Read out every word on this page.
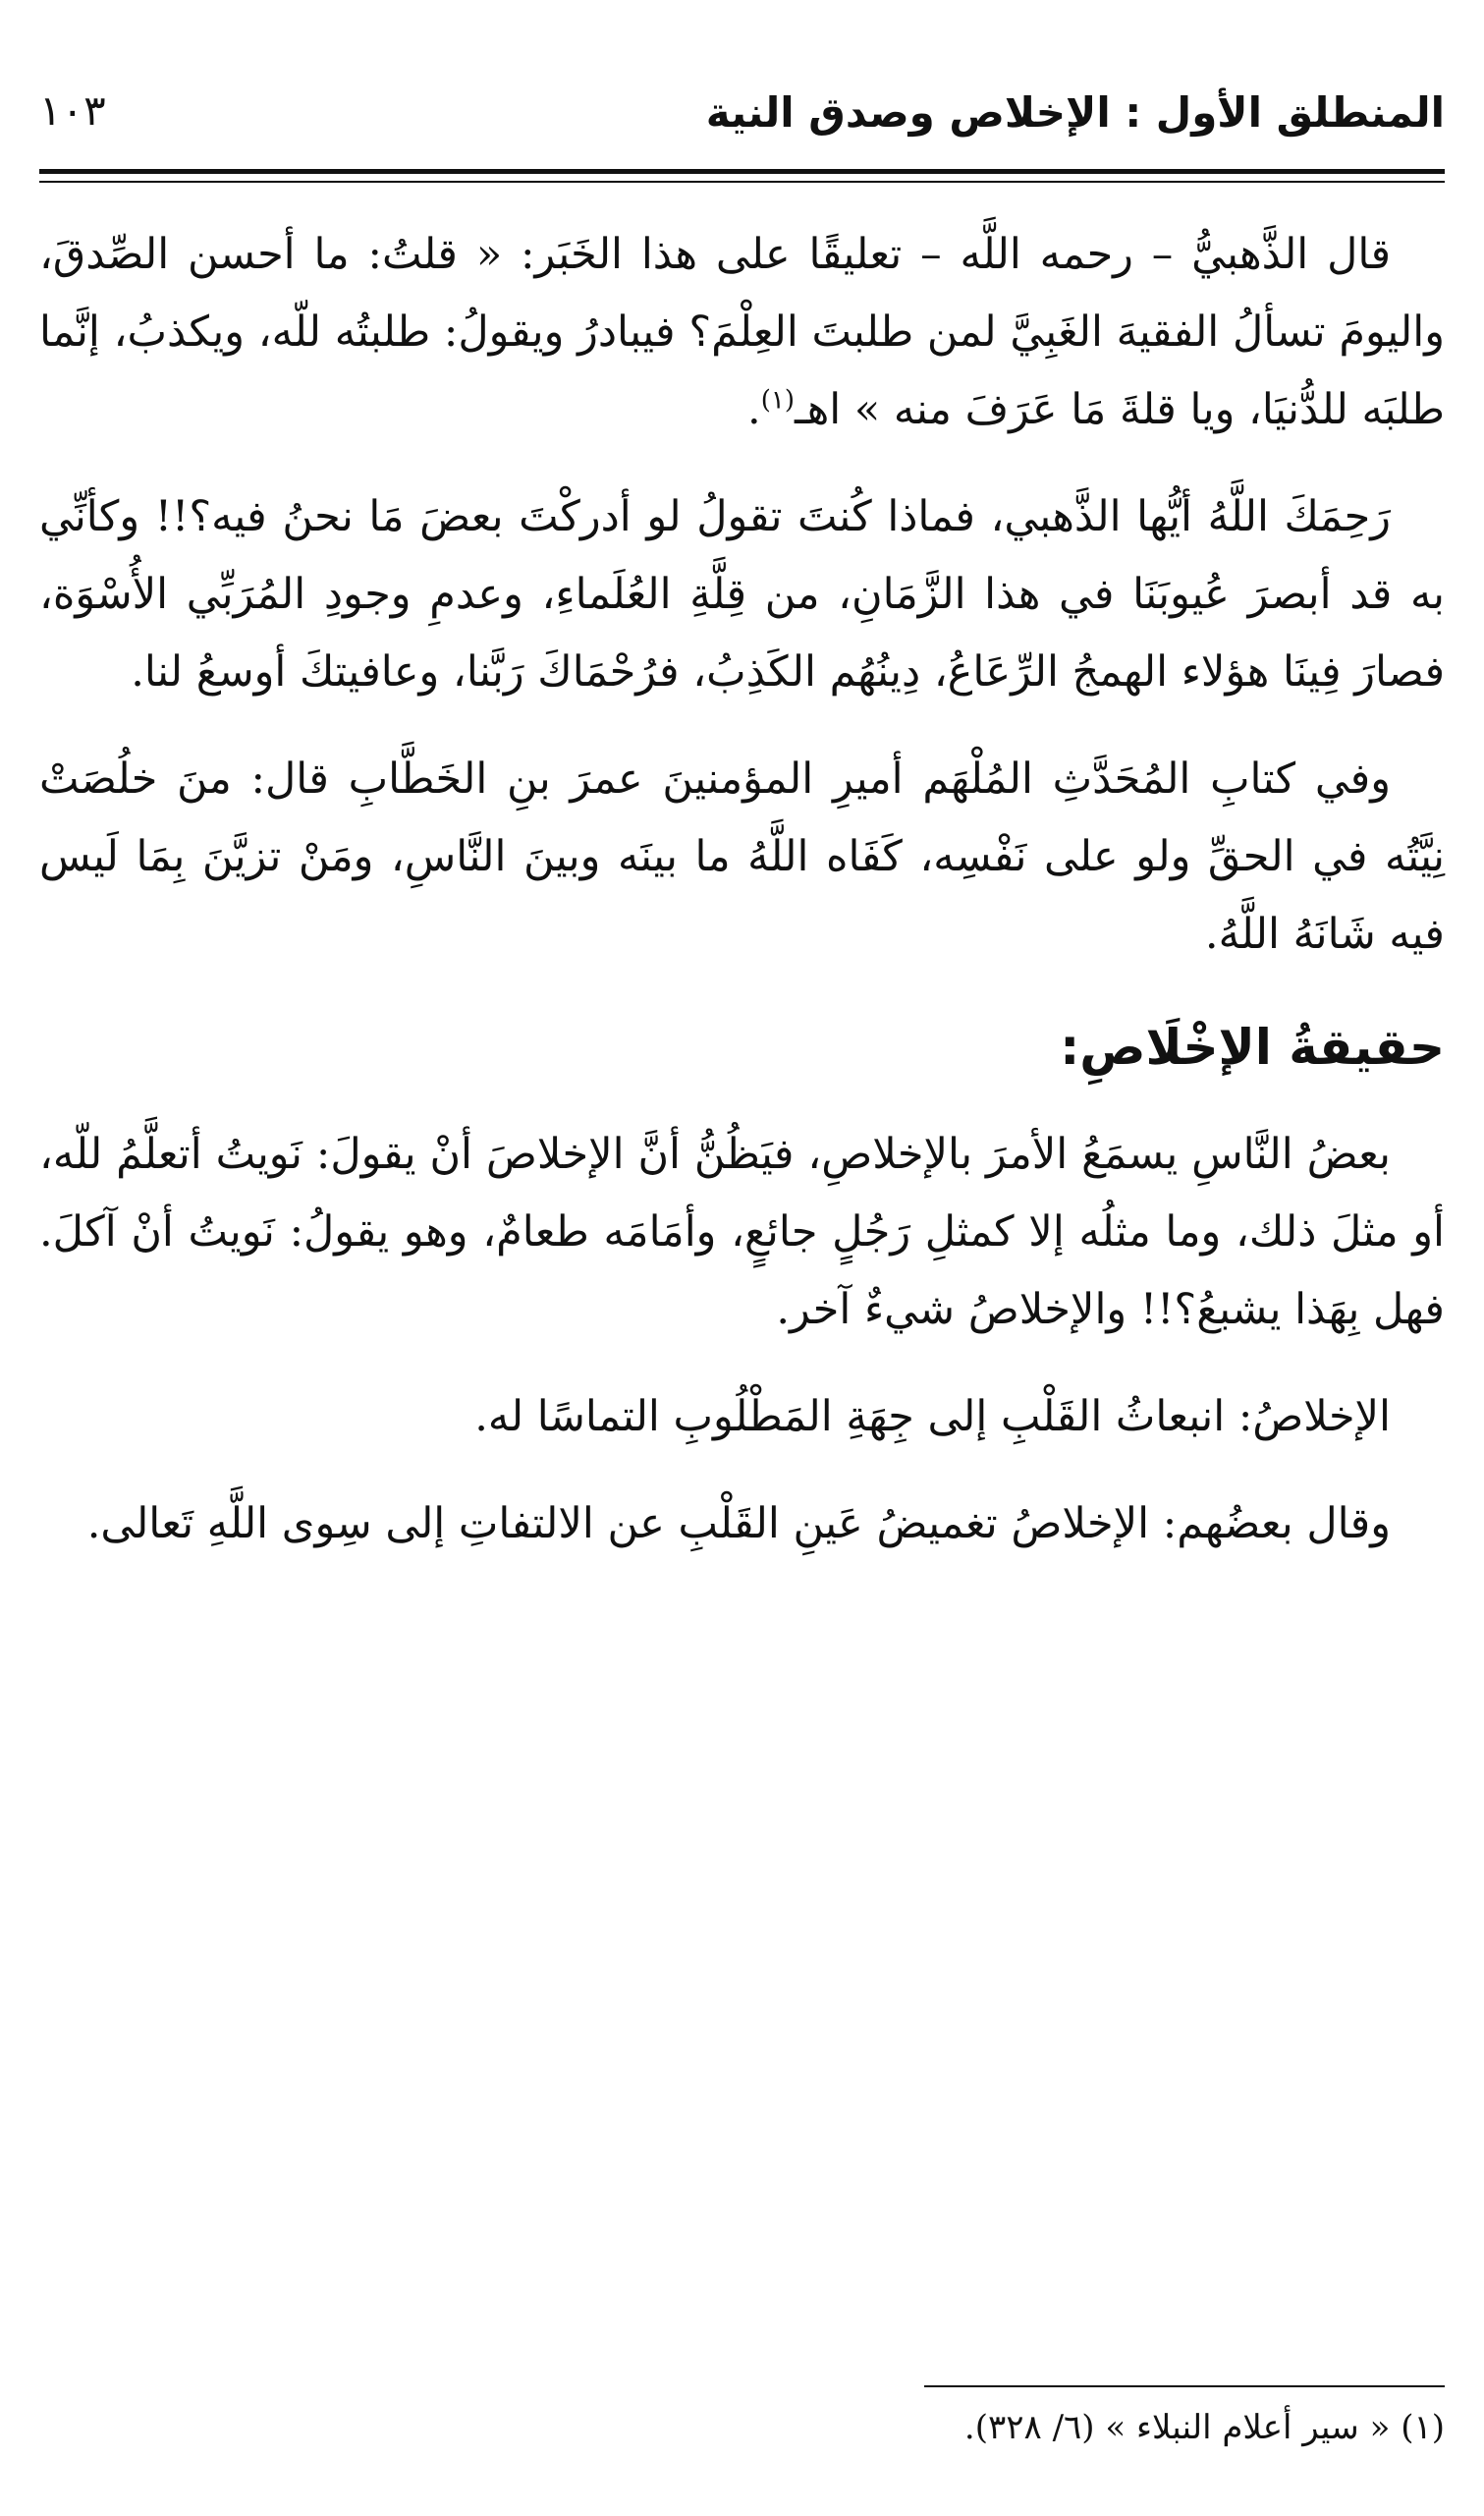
المنطلق الأول : الإخلاص وصدق النية
١٠٣

قال الذَّهبيُّ – رحمه اللَّه – تعليقًا على هذا الخَبَر: « قلتُ: ما أحسن الصِّدقَ، واليومَ تسألُ الفقيهَ الغَبِيَّ لمن طلبتَ العِلْمَ؟ فيبادرُ ويقولُ: طلبتُه للّه، ويكذبُ، إنَّما طلبَه للدُّنيَا، ويا قلةَ مَا عَرَفَ منه » اهـ$^{(١)}$.

رَحِمَكَ اللَّهُ أيُّها الذَّهبي، فماذا كُنتَ تقولُ لو أدركْتَ بعضَ مَا نحنُ فيه؟!! وكأنِّي به قد أبصرَ عُيوبَنَا في هذا الزَّمَانِ، من قِلَّةِ العُلَماءِ، وعدمِ وجودِ المُرَبِّي الأُسْوَة، فصارَ فِينَا هؤلاء الهمجُ الرِّعَاعُ، دِينُهُم الكَذِبُ، فرُحْمَاكَ رَبَّنا، وعافيتكَ أوسعُ لنا.

وفي كتابِ المُحَدَّثِ المُلْهَم أميرِ المؤمنينَ عمرَ بنِ الخَطَّابِ قال: منَ خلُصَتْ نِيَّتُه في الحقِّ ولو على نَفْسِه، كَفَاه اللَّهُ ما بينَه وبينَ النَّاسِ، ومَنْ تزيَّنَ بِمَا لَيس فيه شَانَهُ اللَّهُ.

حقيقةُ الإخْلَاصِ:

بعضُ النَّاسِ يسمَعُ الأمرَ بالإخلاصِ، فيَظُنُّ أنَّ الإخلاصَ أنْ يقولَ: نَويتُ أتعلَّمُ للّه، أو مثلَ ذلك، وما مثلُه إلا كمثلِ رَجُلٍ جائعٍ، وأمَامَه طعامٌ، وهو يقولُ: نَويتُ أنْ آكلَ. فهل بِهَذا يشبعُ؟!! والإخلاصُ شيءٌ آخر.

الإخلاصُ: انبعاثُ القَلْبِ إلى جِهَةِ المَطْلُوبِ التماسًا له.

وقال بعضُهم: الإخلاصُ تغميضُ عَينِ القَلْبِ عن الالتفاتِ إلى سِوى اللَّهِ تَعالى.

(١) « سير أعلام النبلاء » (٦/ ٣٢٨).
